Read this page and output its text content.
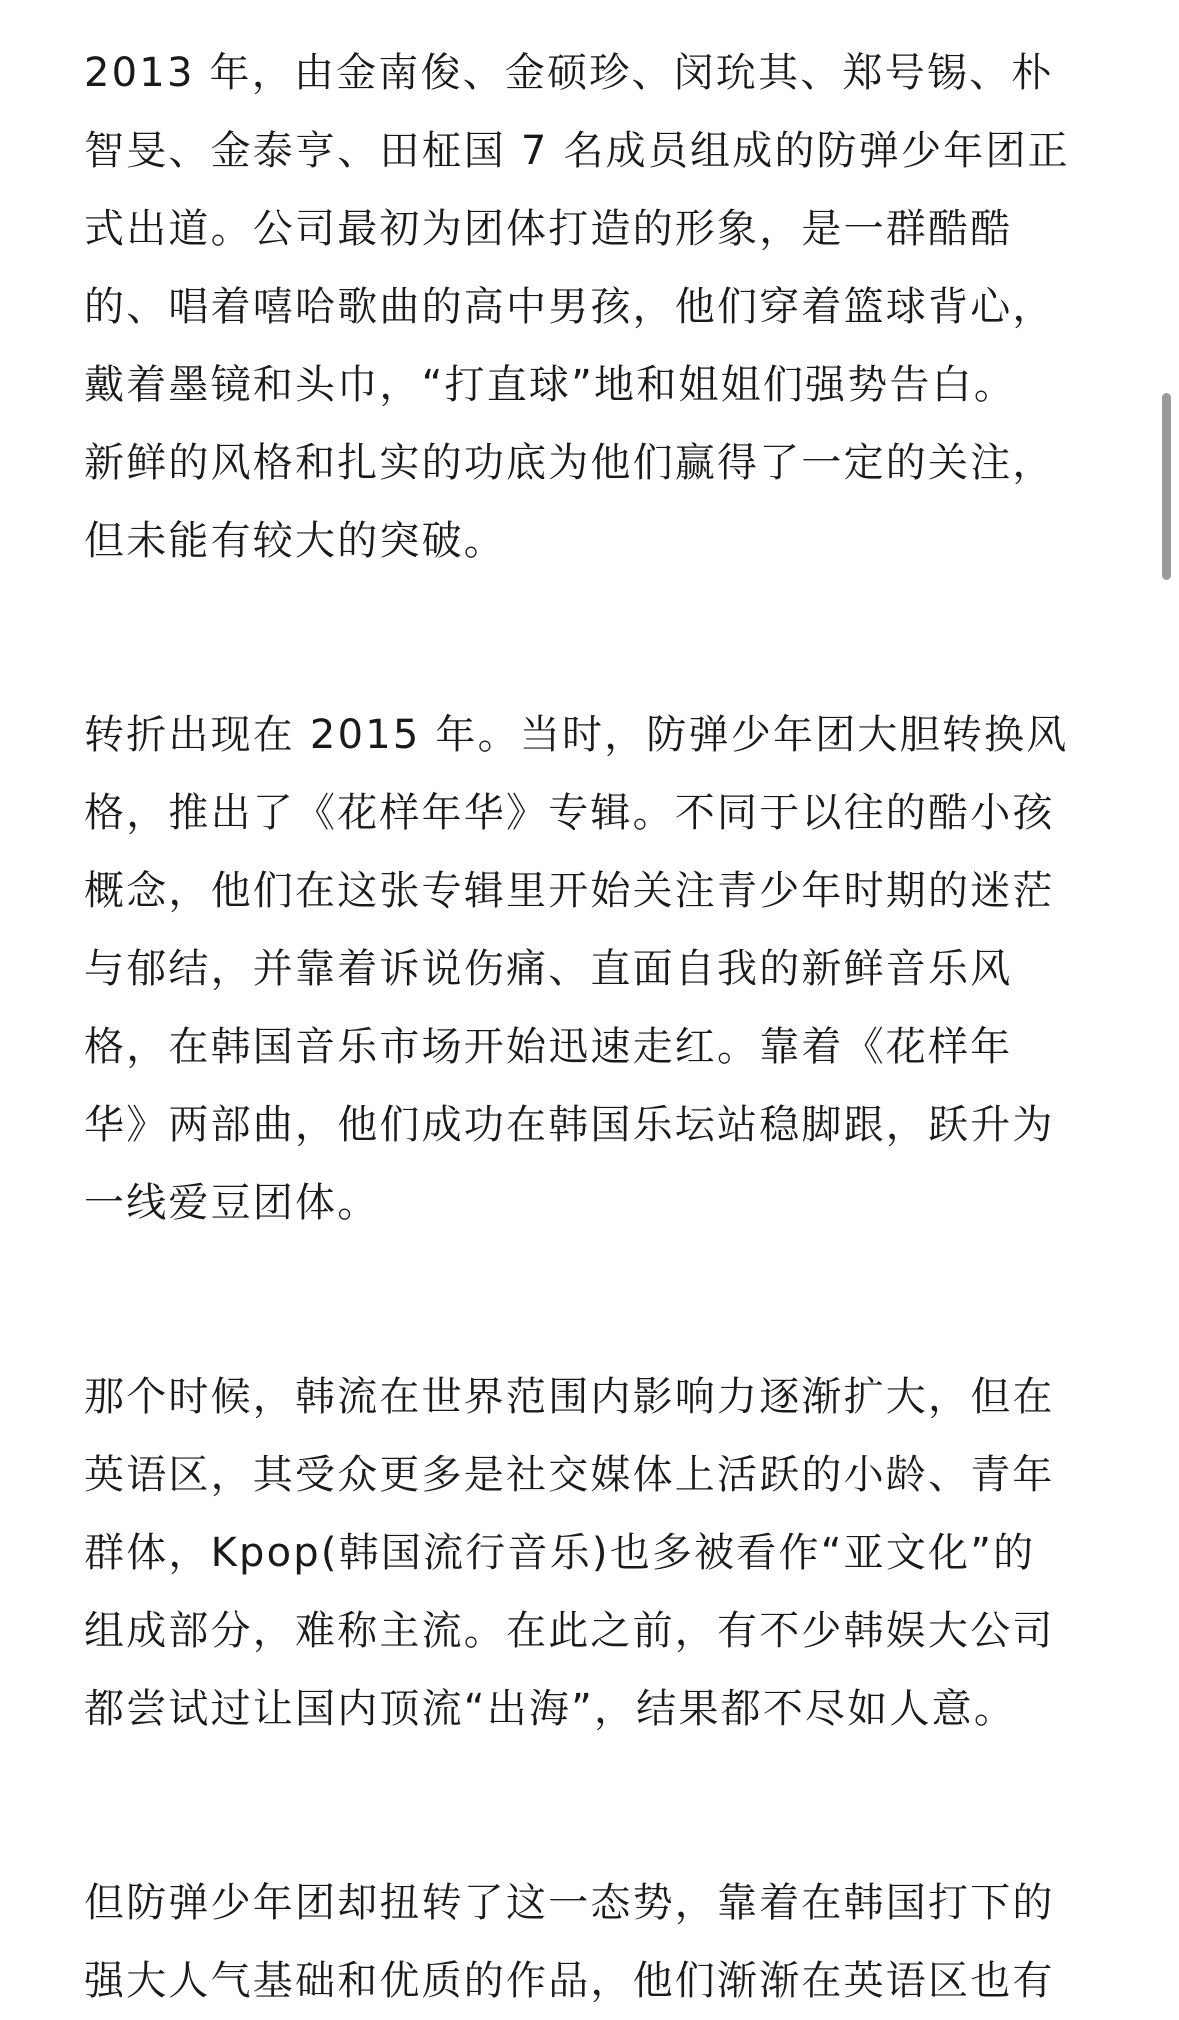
2013 年，由金南俊、金硕珍、闵玧其、郑号锡、朴
智旻、金泰亨、田柾国 7 名成员组成的防弹少年团正
式出道。公司最初为团体打造的形象，是一群酷酷
的、唱着嘻哈歌曲的高中男孩，他们穿着篮球背心，
戴着墨镜和头巾，“打直球”地和姐姐们强势告白。
新鲜的风格和扎实的功底为他们赢得了一定的关注，
但未能有较大的突破。
转折出现在 2015 年。当时，防弹少年团大胆转换风
格，推出了《花样年华》专辑。不同于以往的酷小孩
概念，他们在这张专辑里开始关注青少年时期的迷茫
与郁结，并靠着诉说伤痛、直面自我的新鲜音乐风
格，在韩国音乐市场开始迅速走红。靠着《花样年
华》两部曲，他们成功在韩国乐坛站稳脚跟，跃升为
一线爱豆团体。
那个时候，韩流在世界范围内影响力逐渐扩大，但在
英语区，其受众更多是社交媒体上活跃的小龄、青年
群体，Kpop(韩国流行音乐)也多被看作“亚文化”的
组成部分，难称主流。在此之前，有不少韩娱大公司
都尝试过让国内顶流“出海”，结果都不尽如人意。
但防弹少年团却扭转了这一态势，靠着在韩国打下的
强大人气基础和优质的作品，他们渐渐在英语区也有
